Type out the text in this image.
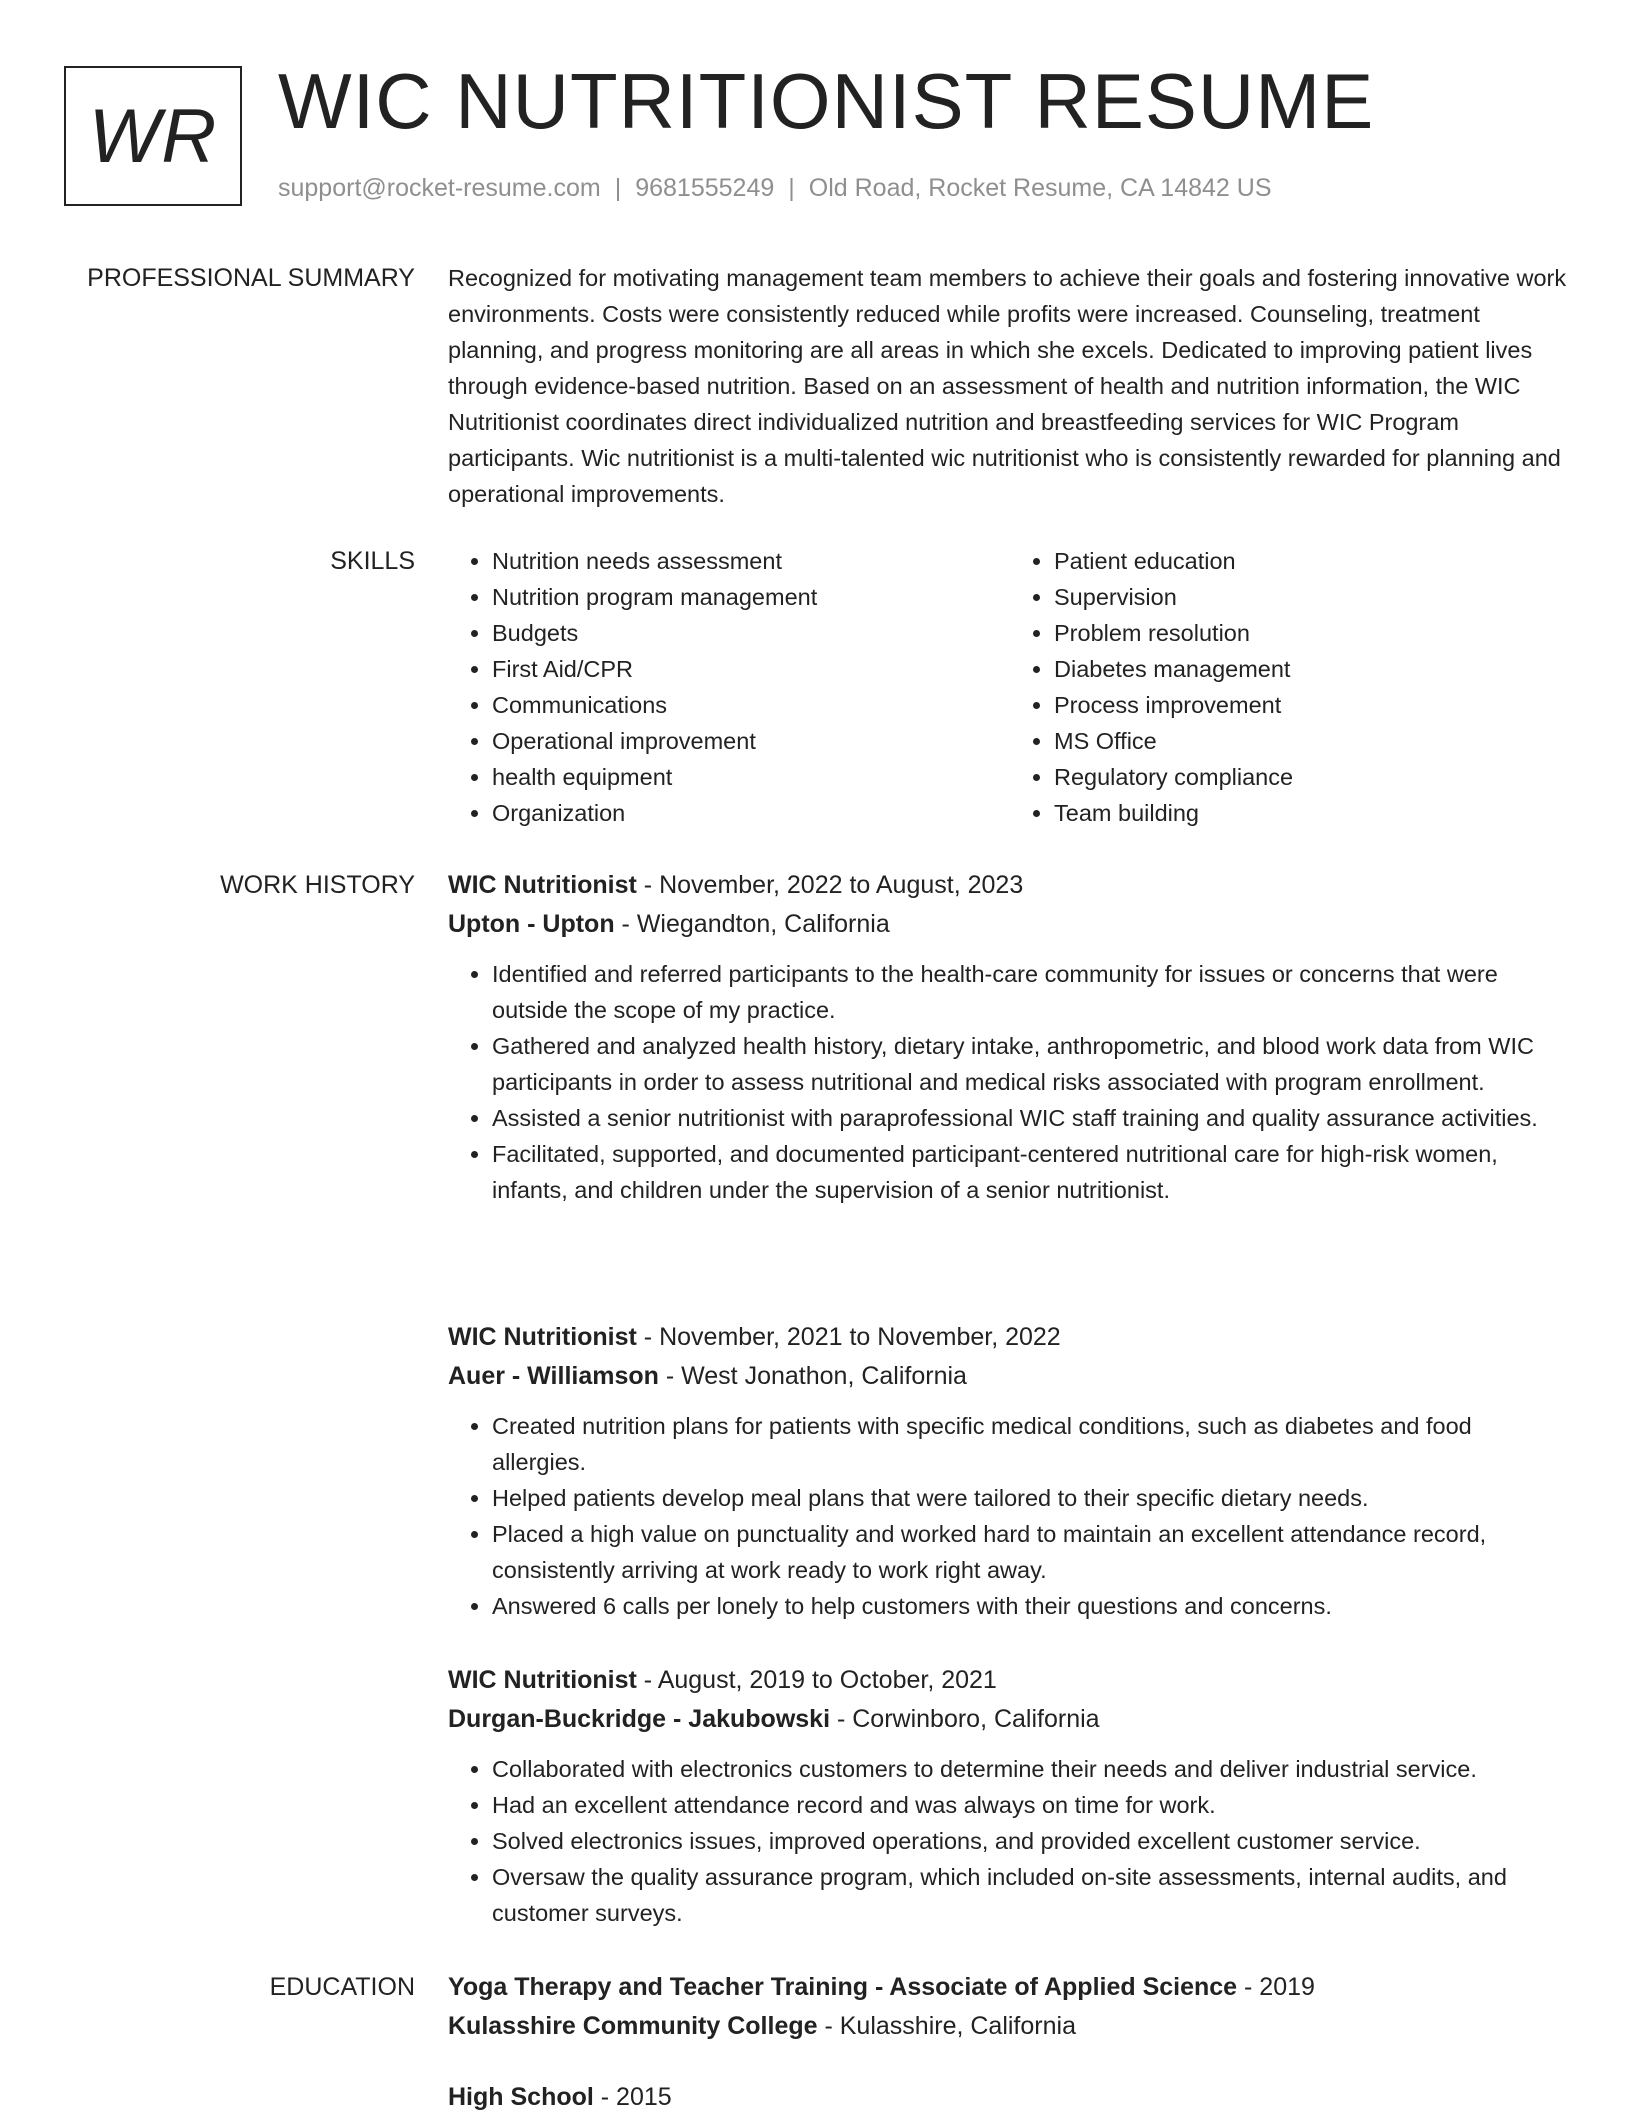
WR WIC NUTRITIONIST RESUME
support@rocket-resume.com | 9681555249 | Old Road, Rocket Resume, CA 14842 US
PROFESSIONAL SUMMARY Recognized for motivating management team members to achieve their goals and fostering innovative work environments. Costs were consistently reduced while profits were increased. Counseling, treatment planning, and progress monitoring are all areas in which she excels. Dedicated to improving patient lives through evidence-based nutrition. Based on an assessment of health and nutrition information, the WIC Nutritionist coordinates direct individualized nutrition and breastfeeding services for WIC Program participants. Wic nutritionist is a multi-talented wic nutritionist who is consistently rewarded for planning and operational improvements.

SKILLS
•	Nutrition needs assessment
• Nutrition program management
• Budgets
• First Aid/CPR
• Communications
• Operational improvement
• health equipment
• Organization
• Patient education
• Supervision
• Problem resolution
• Diabetes management
• Process improvement
• MS Office
• Regulatory compliance
• Team building
WORK HISTORY WIC Nutritionist - November, 2022 to August, 2023
Upton - Upton - Wiegandton, California
• Identified and referred participants to the health-care community for issues or concerns that were outside the scope of my practice.
• Gathered and analyzed health history, dietary intake, anthropometric, and blood work data from WIC participants in order to assess nutritional and medical risks associated with program enrollment.
• Assisted a senior nutritionist with paraprofessional WIC staff training and quality assurance activities.
• Facilitated, supported, and documented participant-centered nutritional care for high-risk women, infants, and children under the supervision of a senior nutritionist.
WIC Nutritionist - November, 2021 to November, 2022
Auer - Williamson - West Jonathon, California
• Created nutrition plans for patients with specific medical conditions, such as diabetes and food allergies.
• Helped patients develop meal plans that were tailored to their specific dietary needs.
• Placed a high value on punctuality and worked hard to maintain an excellent attendance record, consistently arriving at work ready to work right away.
• Answered 6 calls per lonely to help customers with their questions and concerns.
WIC Nutritionist - August, 2019 to October, 2021
Durgan-Buckridge - Jakubowski - Corwinboro, California
• Collaborated with electronics customers to determine their needs and deliver industrial service.
• Had an excellent attendance record and was always on time for work.
• Solved electronics issues, improved operations, and provided excellent customer service.
• Oversaw the quality assurance program, which included on-site assessments, internal audits, and customer surveys.
EDUCATION Yoga Therapy and Teacher Training - Associate of Applied Science - 2019
Kulasshire Community College - Kulasshire, California
High School - 2015
